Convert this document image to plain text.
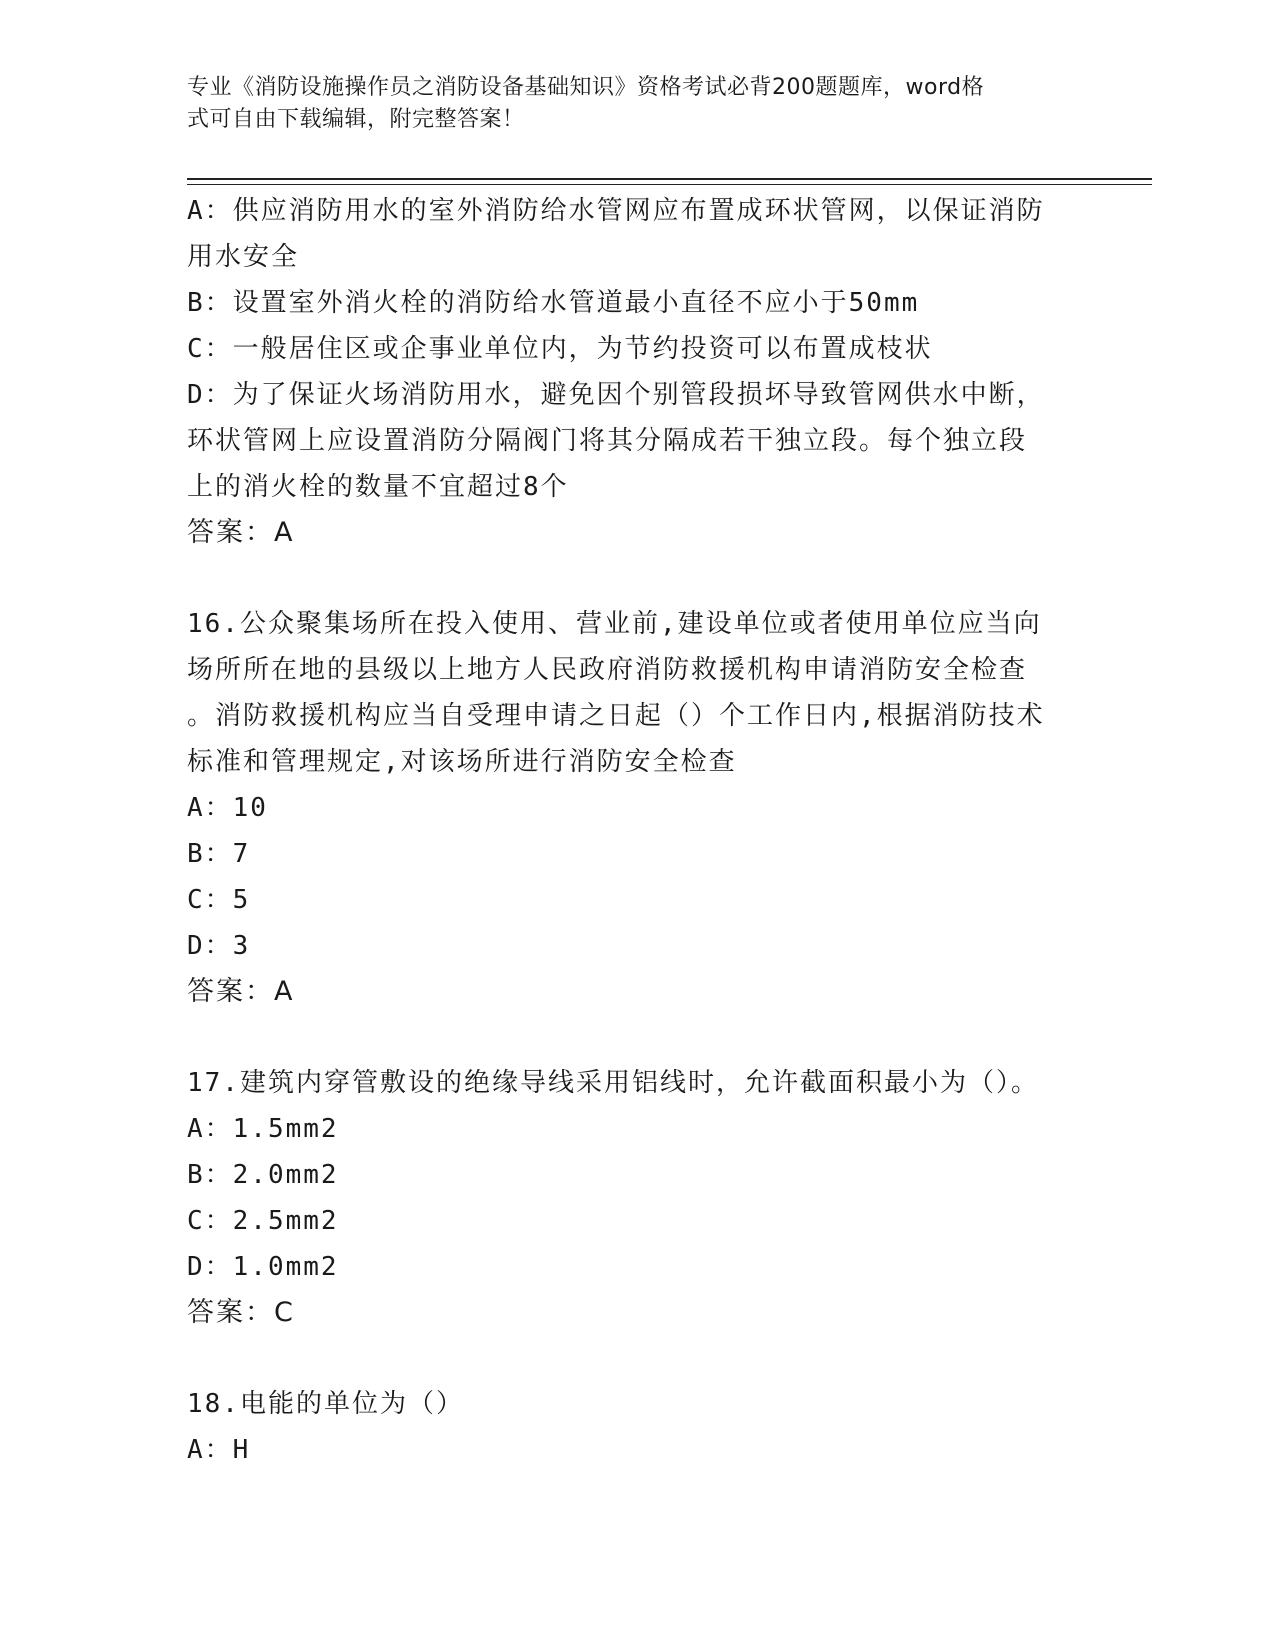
专业《消防设施操作员之消防设备基础知识》资格考试必背200题题库，word格
式可自由下载编辑，附完整答案！
A：供应消防用水的室外消防给水管网应布置成环状管网，以保证消防
用水安全
B：设置室外消火栓的消防给水管道最小直径不应小于50mm
C：一般居住区或企事业单位内，为节约投资可以布置成枝状
D：为了保证火场消防用水，避免因个别管段损坏导致管网供水中断，
环状管网上应设置消防分隔阀门将其分隔成若干独立段。每个独立段
上的消火栓的数量不宜超过8个
答案：A
16.公众聚集场所在投入使用、营业前,建设单位或者使用单位应当向
场所所在地的县级以上地方人民政府消防救援机构申请消防安全检查
。消防救援机构应当自受理申请之日起（）个工作日内,根据消防技术
标准和管理规定,对该场所进行消防安全检查
A：10
B：7
C：5
D：3
答案：A
17.建筑内穿管敷设的绝缘导线采用铝线时，允许截面积最小为（）。
A：1.5mm2
B：2.0mm2
C：2.5mm2
D：1.0mm2
答案：C
18.电能的单位为（）
A：H
